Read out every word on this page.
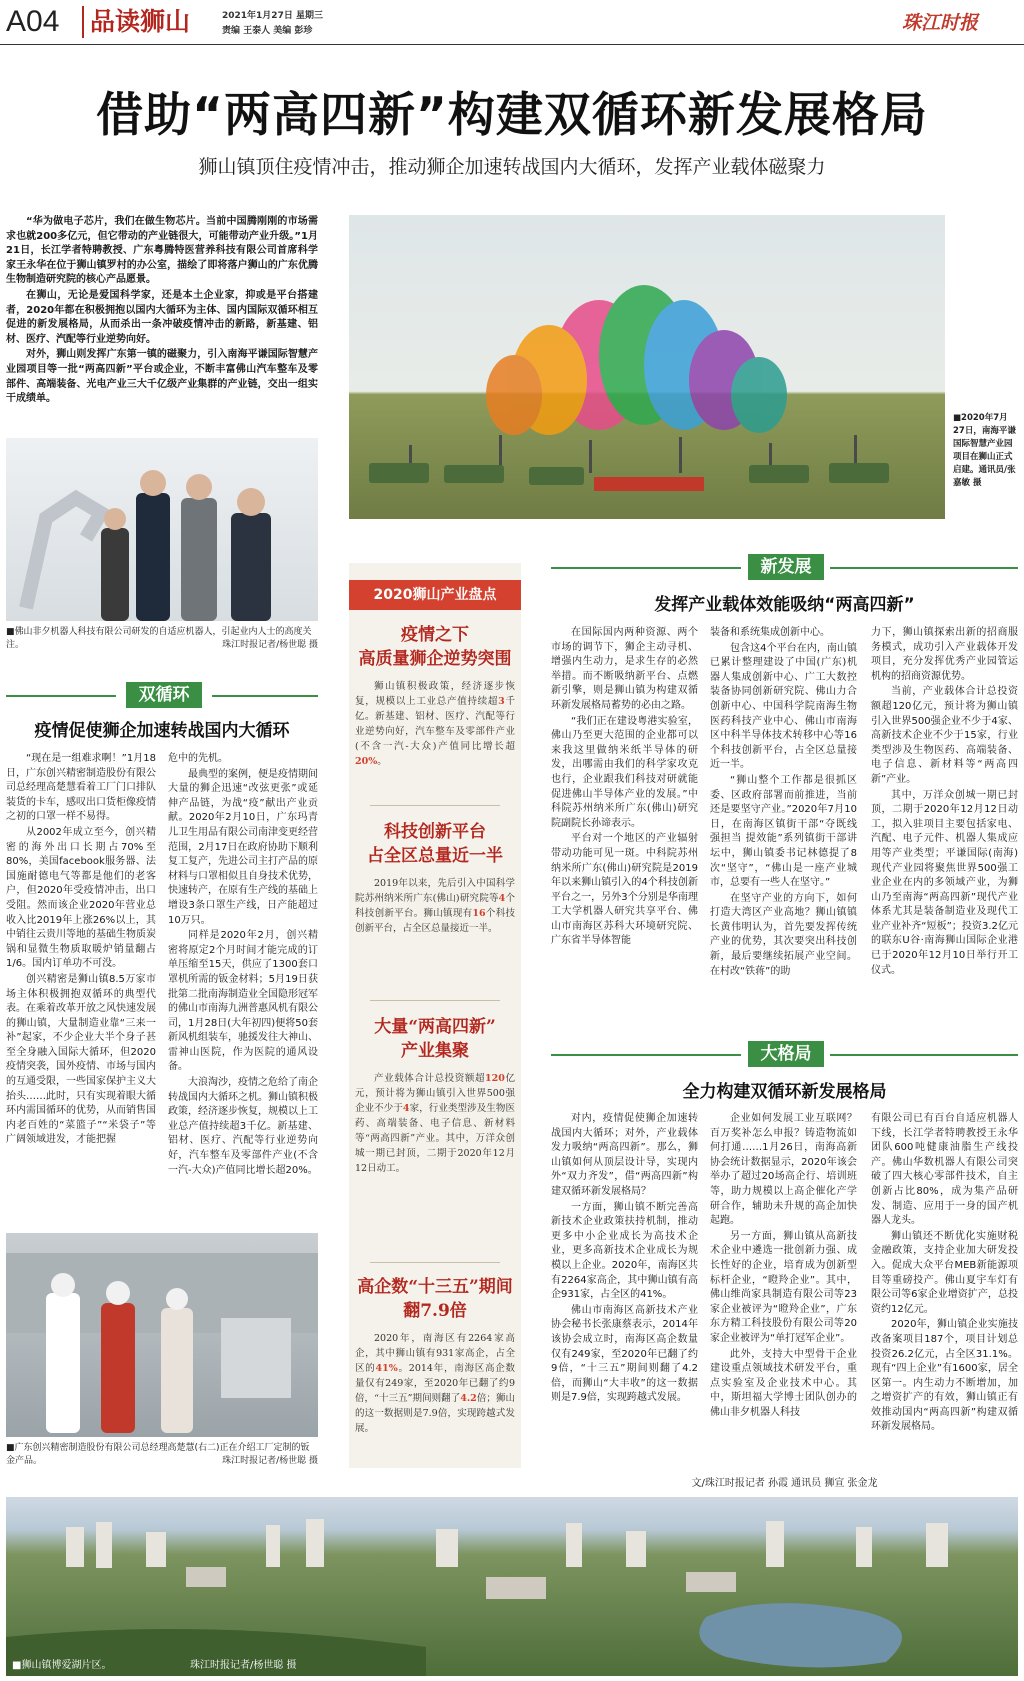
A04 品读狮山	2021年1月27日 星期三
责编 王泰人 美编 彭珍	珠江时报
借助“两高四新”构建双循环新发展格局
狮山镇顶住疫情冲击，推动狮企加速转战国内大循环，发挥产业载体磁聚力

“华为做电子芯片，我们在做生物芯片。当前中国腾刚刚的市场需求也就200多亿元，但它带动的产业链很大，可能带动产业升级。”1月21日，长江学者特聘教授、广东粤腾特医营养科技有限公司首席科学家王永华在位于狮山镇罗村的办公室，描绘了即将落户狮山的广东优腾生物制造研究院的核心产品愿景。

在狮山，无论是爱国科学家，还是本土企业家，抑或是平台搭建者，2020年都在积极拥抱以国内大循环为主体、国内国际双循环相互促进的新发展格局，从而杀出一条冲破疫情冲击的新路，新基建、铝材、医疗、汽配等行业逆势向好。

对外，狮山则发挥广东第一镇的磁聚力，引入南海平谦国际智慧产业园项目等一批“两高四新”平台或企业，不断丰富佛山汽车整车及零部件、高端装备、光电产业三大千亿级产业集群的产业链，交出一组实干成绩单。

■2020年7月27日，南海平谦国际智慧产业园项目在狮山正式启建。通讯员/张嘉敏 摄
■佛山非夕机器人科技有限公司研发的自适应机器人，引起业内人士的高度关注。	珠江时报记者/杨世聪 摄
双循环
疫情促使狮企加速转战国内大循环

“现在是一组难求啊！”1月18日，广东创兴精密制造股份有限公司总经理高楚慧看着工厂门口排队装货的卡车，感叹出口货柜像疫情之初的口罩一样不易得。

从2002年成立至今，创兴精密的海外出口长期占70%至80%，美国facebook服务器、法国施耐德电气等都是他们的老客户，但2020年受疫情冲击，出口受阻。然而该企业2020年营业总收入比2019年上涨26%以上，其中销往云贵川等地的基础生物质炭锅和显微生物质取暖炉销量翻占1/6。国内订单功不可没。

创兴精密是狮山镇8.5万家市场主体积极拥抱双循环的典型代表。在乘着改革开放之风快速发展的狮山镇，大量制造业靠“三来一补”起家，不少企业大半个身子甚至全身融入国际大循环，但2020疫情突袭，国外疫情、市场与国内的互通受限，一些国家保护主义大抬头……此时，只有实现着眼大循环内需国循环的优势，从而销售国内老百姓的“菜篮子”“米袋子”等广阔领域进发，才能把握

危中的先机。

最典型的案例，便是疫情期间大量的狮企迅速“改弦更张”或延伸产品链，为战“疫”献出产业贡献。2020年2月10日，广东玛青儿卫生用品有限公司南津变更经营范围，2月17日在政府协助下顺利复工复产，先进公司主打产品的原材料与口罩相似且自身技术优势，快速转产，在原有生产线的基础上增设3条口罩生产线，日产能超过10万只。

同样是2020年2月，创兴精密将原定2个月时间才能完成的订单压缩至15天，供应了1300套口罩机所需的钣金材料；5月19日获批第二批南海制造业全国隐形冠军的佛山市南海九洲普惠风机有限公司，1月28日(大年初四)便将50套新风机组装车，驰援发往大神山、雷神山医院，作为医院的通风设备。

大浪淘沙，疫情之危给了南企转战国内大循环之机。狮山镇积极政策，经济逐步恢复，规模以上工业总产值持续超3千亿。新基建、铝材、医疗、汽配等行业逆势向好，汽车整车及零部件产业(不含一汽-大众)产值同比增长超20%。

■广东创兴精密制造股份有限公司总经理高楚慧(右二)正在介绍工厂定制的钣金产品。	珠江时报记者/杨世聪 摄
2020狮山产业盘点
疫情之下
高质量狮企逆势突围
狮山镇积极政策，经济逐步恢复，规模以上工业总产值持续超3千亿。新基建、铝材、医疗、汽配等行业逆势向好，汽车整车及零部件产业(不含一汽-大众)产值同比增长超20%。
科技创新平台
占全区总量近一半
2019年以来，先后引入中国科学院苏州纳米所广东(佛山)研究院等4个科技创新平台。狮山镇现有16个科技创新平台，占全区总量接近一半。
大量“两高四新”
产业集聚
产业载体合计总投资额超120亿元，预计将为狮山镇引入世界500强企业不少于4家，行业类型涉及生物医药、高端装备、电子信息、新材料等“两高四新”产业。其中，万洋众创城一期已封顶，二期于2020年12月12日动工。
高企数“十三五”期间
翻7.9倍
2020年，南海区有2264家高企，其中狮山镇有931家高企，占全区的41%。2014年，南海区高企数量仅有249家，至2020年已翻了约9倍，“十三五”期间则翻了4.2倍；狮山的这一数据则是7.9倍，实现跨越式发展。
新发展
发挥产业载体效能吸纳“两高四新”

在国际国内两种资源、两个市场的调节下，狮企主动寻机、增强内生动力，是求生存的必然举措。而不断吸纳新平台、点燃新引擎，则是狮山镇为构建双循环新发展格局蓄势的必由之路。

“我们正在建设粤港实验室，佛山乃至更大范围的企业都可以来我这里做纳米纸半导体的研发，出哪需由我们的科学家攻克也行，企业跟我们科技对研就能促进佛山半导体产业的发展。”中科院苏州纳米所广东(佛山)研究院副院长孙谛表示。

平台对一个地区的产业辐射带动功能可见一斑。中科院苏州纳米所广东(佛山)研究院是2019年以来狮山镇引入的4个科技创新平台之一，另外3个分别是华南理工大学机器人研究共享平台、佛山市南海区苏科大环境研究院、广东省半导体智能

装备和系统集成创新中心。

包含这4个平台在内，南山镇已累计整理建设了中国(广东)机器人集成创新中心、广工大数控装备协同创新研究院、佛山力合创新中心、中国科学院南海生物医药科技产业中心、佛山市南海区中科半导体技术转移中心等16个科技创新平台，占全区总量接近一半。

“狮山整个工作都是很抓区委、区政府部署而前推进，当前还是要坚守产业。”2020年7月10日，在南海区镇街干部“夺既线 强担当 提效能”系列镇街干部讲坛中，狮山镇委书记林德提了8次“坚守”，“佛山是一座产业城市，总要有一些人在坚守。”

在坚守产业的方向下，如何打造大湾区产业高地？狮山镇镇长黄伟明认为，首先要发挥传统产业的优势，其次要突出科技创新，最后要继续拓展产业空间。在村改“铁蒋”的助

力下，狮山镇探索出新的招商服务模式，成功引入产业载体开发项目，充分发挥优秀产业园管运机构的招商资源优势。

当前，产业载体合计总投资额超120亿元，预计将为狮山镇引入世界500强企业不少于4家、高新技术企业不少于15家，行业类型涉及生物医药、高端装备、电子信息、新材料等“两高四新”产业。

其中，万洋众创城一期已封顶，二期于2020年12月12日动工，拟入驻项目主要包括家电、汽配、电子元件、机器人集成应用等产业类型；平谦国际(南海)现代产业园将聚焦世界500强工业企业在内的多领域产业，为狮山乃至南海“两高四新”现代产业体系尤其是装备制造业及现代工业产业补齐“短板”；投资3.2亿元的联东U谷·南海狮山国际企业港已于2020年12月10日举行开工仪式。

大格局
全力构建双循环新发展格局

对内，疫情促使狮企加速转战国内大循环；对外，产业载体发力吸纳“两高四新”。那么，狮山镇如何从顶层设计导，实现内外“双力齐发”，借“两高四新”构建双循环新发展格局？

一方面，狮山镇不断完善高新技术企业政策扶持机制，推动更多中小企业成长为高技术企业，更多高新技术企业成长为规模以上企业。2020年，南海区共有2264家高企，其中狮山镇有高企931家，占全区的41%。

佛山市南海区高新技术产业协会秘书长张康蔡表示，2014年该协会成立时，南海区高企数量仅有249家，至2020年已翻了约9倍，“十三五”期间则翻了4.2倍，而狮山“大丰收”的这一数据则是7.9倍，实现跨越式发展。

企业如何发展工业互联网？百万奖补怎么申报？铸造物流如何打通……1月26日，南海高新协会统计数据显示，2020年该会举办了超过20场高企行、培训班等，助力规模以上高企催化产学研合作，辅助未升规的高企加快起跑。

另一方面，狮山镇从高新技术企业中遴选一批创新力强、成长性好的企业，培育成为创新型标杆企业，“瞪羚企业”。其中，佛山维尚家具制造有限公司等23家企业被评为“瞪羚企业”，广东东方精工科技股份有限公司等20家企业被评为“单打冠军企业”。

此外，支持大中型骨干企业建设重点领域技术研发平台，重点实验室及企业技术中心。其中，斯坦福大学博士团队创办的佛山非夕机器人科技

有限公司已有百台自适应机器人下线，长江学者特聘教授王永华团队600吨健康油脂生产线投产。佛山华数机器人有限公司突破了四大核心零部件技术，自主创新占比80%，成为集产品研发、制造、应用于一身的国产机器人龙头。

狮山镇还不断优化实施财税金融政策，支持企业加大研发投入。促成大众平台MEB新能源项目等重磅投产。佛山夏宇车灯有限公司等6家企业增资扩产，总投资约12亿元。

2020年，狮山镇企业实施技改备案项目187个，项目计划总投资26.2亿元，占全区31.1%。现有“四上企业”有1600家，居全区第一。内生动力不断增加，加之增资扩产的有效，狮山镇正有效推动国内“两高四新”构建双循环新发展格局。

文/珠江时报记者 孙霞 通讯员 狮宣 张金龙
■狮山镇博爱湖片区。	珠江时报记者/杨世聪 摄
